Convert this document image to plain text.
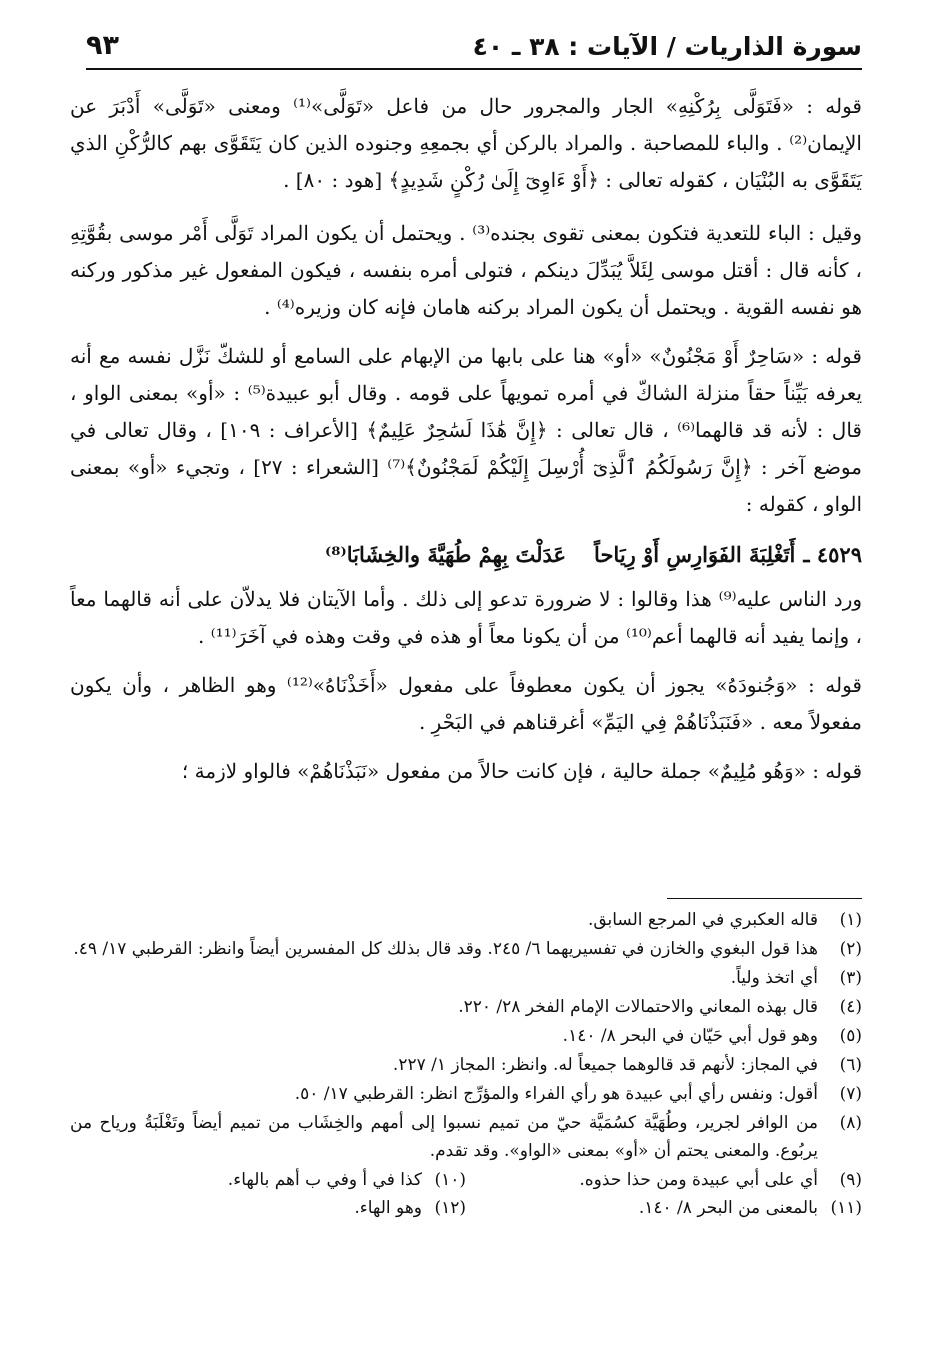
سورة الذاريات / الآيات : ٣٨ ـ ٤٠
٩٣

قوله : «فَتَوَلَّى بِرُكْنِهِ» الجار والمجرور حال من فاعل «تَوَلَّى»⁽¹⁾ ومعنى «تَوَلَّى» أَدْبَرَ عن الإيمان⁽²⁾ . والباء للمصاحبة . والمراد بالركن أي بجمعِهِ وجنوده الذين كان يَتَقَوَّى بهم كالرُّكْنِ الذي يَتَقَوَّى به البُنْيَان ، كقوله تعالى : ﴿أَوْ ءَاوِىٓ إِلَىٰ رُكْنٍ شَدِيدٍ﴾ [هود : ٨٠] .

وقيل : الباء للتعدية فتكون بمعنى تقوى بجنده⁽³⁾ . ويحتمل أن يكون المراد تَوَلَّى أَمْر موسى بقُوَّتِهِ ، كأنه قال : أقتل موسى لِئَلاَّ يُبَدِّلَ دينكم ، فتولى أمره بنفسه ، فيكون المفعول غير مذكور وركنه هو نفسه القوية . ويحتمل أن يكون المراد بركنه هامان فإنه كان وزيره⁽⁴⁾ .

قوله : «سَاحِرٌ أَوْ مَجْنُونٌ» «أو» هنا على بابها من الإبهام على السامع أو للشكّ نَزَّل نفسه مع أنه يعرفه بَيِّناً حقاً منزلة الشاكّ في أمره تمويهاً على قومه . وقال أبو عبيدة⁽⁵⁾ : «أو» بمعنى الواو ، قال : لأنه قد قالهما⁽⁶⁾ ، قال تعالى : ﴿إِنَّ هَٰذَا لَسَٰحِرٌ عَلِيمٌ﴾ [الأعراف : ١٠٩] ، وقال تعالى في موضع آخر : ﴿إِنَّ رَسُولَكُمُ ٱلَّذِىٓ أُرْسِلَ إِلَيْكُمْ لَمَجْنُونٌ﴾⁽⁷⁾ [الشعراء : ٢٧] ، وتجيء «أو» بمعنى الواو ، كقوله :

٤٥٢٩ ـ
أَتَغْلِبَةَ الفَوَارِسِ أَوْ رِيَاحاً
عَدَلْتَ بِهِمْ طُهَيَّةَ والخِشَابَا⁽⁸⁾

ورد الناس عليه⁽⁹⁾ هذا وقالوا : لا ضرورة تدعو إلى ذلك . وأما الآيتان فلا يدلاّن على أنه قالهما معاً ، وإنما يفيد أنه قالهما أعم⁽¹⁰⁾ من أن يكونا معاً أو هذه في وقت وهذه في آخَرَ⁽¹¹⁾ .

قوله : «وَجُنودَهُ» يجوز أن يكون معطوفاً على مفعول «أَخَذْنَاهُ»⁽¹²⁾ وهو الظاهر ، وأن يكون مفعولاً معه . «فَنَبَذْنَاهُمْ فِي اليَمِّ» أغرقناهم في البَحْرِ .

قوله : «وَهُو مُلِيمٌ» جملة حالية ، فإن كانت حالاً من مفعول «نَبَذْنَاهُمْ» فالواو لازمة ؛

(١)
قاله العكبري في المرجع السابق.
(٢)
هذا قول البغوي والخازن في تفسيريهما ٦/ ٢٤٥. وقد قال بذلك كل المفسرين أيضاً وانظر: القرطبي ١٧/ ٤٩.
(٣)
أي اتخذ ولياً.
(٤)
قال بهذه المعاني والاحتمالات الإمام الفخر ٢٨/ ٢٢٠.
(٥)
وهو قول أبي حَيّان في البحر ٨/ ١٤٠.
(٦)
في المجاز: لأنهم قد قالوهما جميعاً له. وانظر: المجاز ١/ ٢٢٧.
(٧)
أقول: ونفس رأي أبي عبيدة هو رأي الفراء والمؤرِّج انظر: القرطبي ١٧/ ٥٠.
(٨)
من الوافر لجرير، وطُهَيَّة كسُمَيَّة حيّ من تميم نسبوا إلى أمهم والخِشَاب من تميم أيضاً وتَغْلَبَةُ ورياح من يربُوع. والمعنى يحتم أن «أو» بمعنى «الواو». وقد تقدم.
(٩)
أي على أبي عبيدة ومن حذا حذوه.
(١٠)
كذا في أ وفي ب أهم بالهاء.
(١١)
بالمعنى من البحر ٨/ ١٤٠.
(١٢)
وهو الهاء.
